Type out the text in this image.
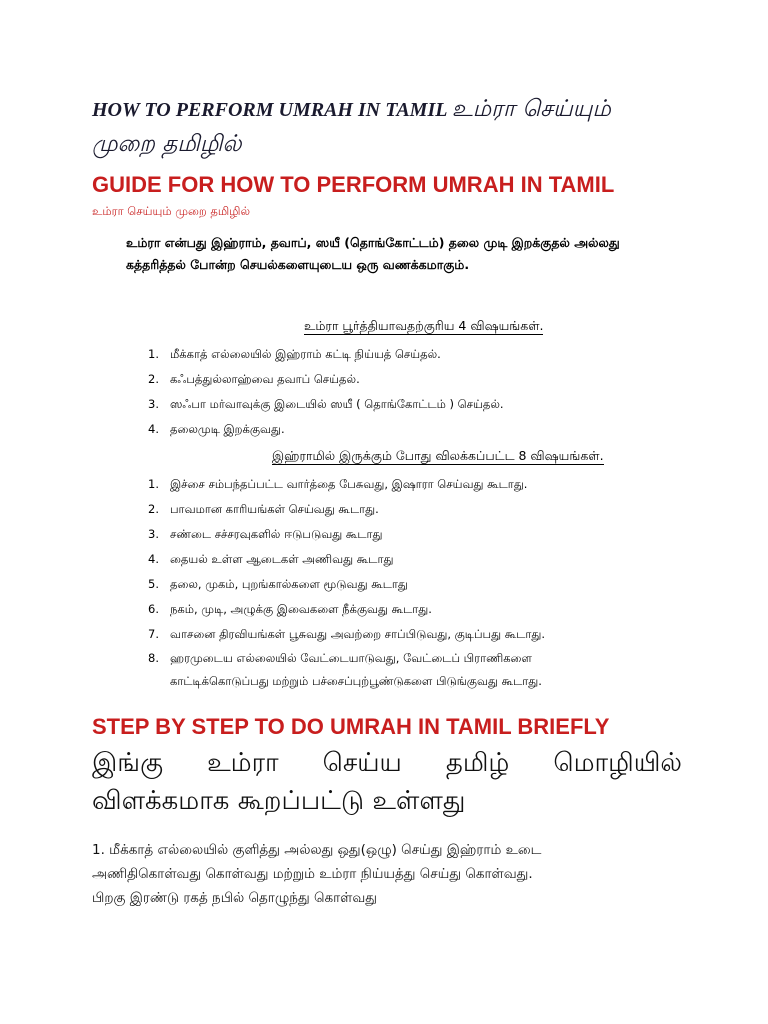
HOW TO PERFORM UMRAH IN TAMIL உம்ரா செய்யும்
முறை தமிழில்
GUIDE FOR HOW TO PERFORM UMRAH IN TAMIL
உம்ரா செய்யும் முறை தமிழில்
உம்ரா என்பது இஹ்ராம், தவாப், ஸயீ (தொங்கோட்டம்) தலை முடி இறக்குதல் அல்லது
கத்தரித்தல் போன்ற செயல்களையுடைய ஒரு வணக்கமாகும்.
உம்ரா பூர்த்தியாவதற்குரிய 4 விஷயங்கள்.
1. மீக்காத் எல்லையில் இஹ்ராம் கட்டி நிய்யத் செய்தல்.
2. கஃபத்துல்லாஹ்வை தவாப் செய்தல்.
3. ஸஃபா மர்வாவுக்கு இடையில் ஸயீ ( தொங்கோட்டம் ) செய்தல்.
4. தலைமுடி இறக்குவது.
இஹ்ராமில் இருக்கும் போது விலக்கப்பட்ட 8 விஷயங்கள்.
1. இச்சை சம்பந்தப்பட்ட வார்த்தை பேசுவது, இஷாரா செய்வது கூடாது.
2. பாவமான காரியங்கள் செய்வது கூடாது.
3. சண்டை சச்சரவுகளில் ஈடுபடுவது கூடாது
4. தையல் உள்ள ஆடைகள் அணிவது கூடாது
5. தலை, முகம், புறங்கால்களை மூடுவது கூடாது
6. நகம், முடி, அழுக்கு இவைகளை நீக்குவது கூடாது.
7. வாசனை திரவியங்கள் பூசுவது அவற்றை சாப்பிடுவது, குடிப்பது கூடாது.
8. ஹரமுடைய எல்லையில் வேட்டையாடுவது, வேட்டைப் பிராணிகளை காட்டிக்கொடுப்பது மற்றும் பச்சைப்புற்பூண்டுகளை பிடுங்குவது கூடாது.
STEP BY STEP TO DO UMRAH IN TAMIL BRIEFLY
இங்கு உம்ரா செய்ய தமிழ் மொழியில்
விளக்கமாக கூறப்பட்டு உள்ளது
1. மீக்காத் எல்லையில் குளித்து அல்லது ஒது(ஒழு) செய்து இஹ்ராம் உடை
அணிதிகொள்வது கொள்வது மற்றும் உம்ரா நிய்யத்து செய்து கொள்வது.
பிறகு இரண்டு ரகத் நபில் தொழுந்து கொள்வது
